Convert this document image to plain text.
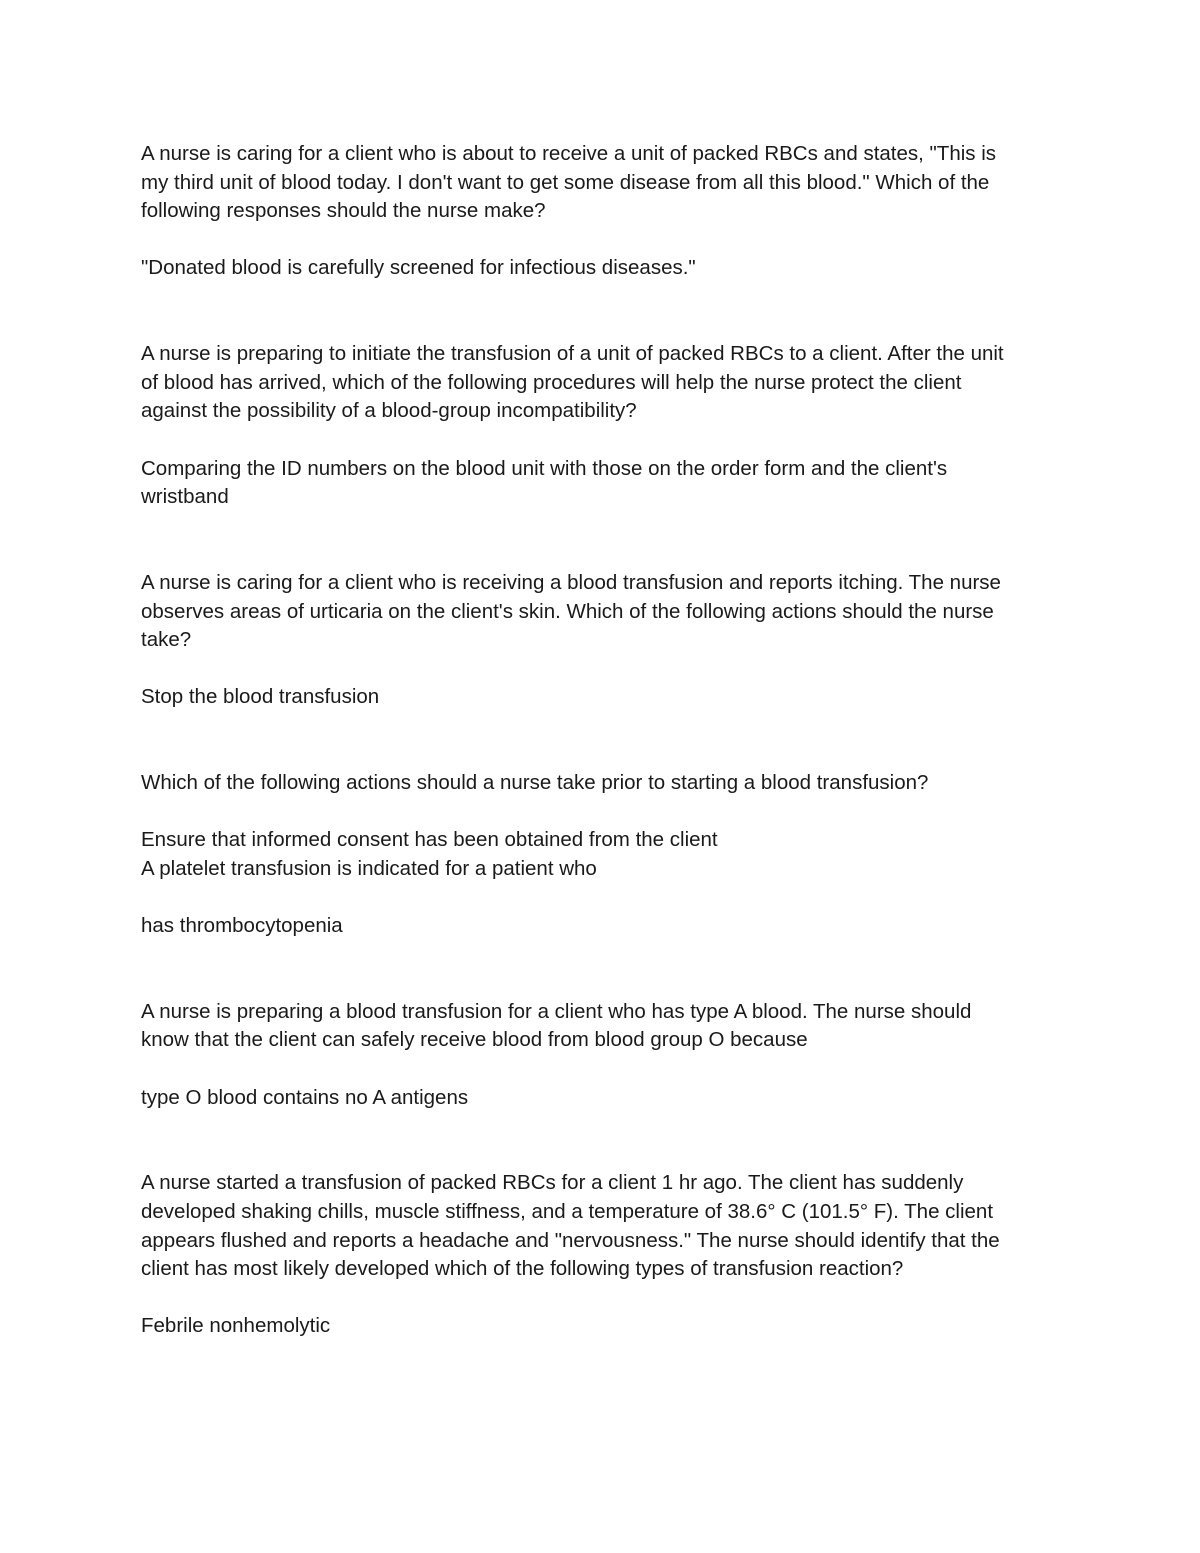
A nurse is caring for a client who is about to receive a unit of packed RBCs and states, "This is
my third unit of blood today. I don't want to get some disease from all this blood." Which of the
following responses should the nurse make?
"Donated blood is carefully screened for infectious diseases."
A nurse is preparing to initiate the transfusion of a unit of packed RBCs to a client. After the unit
of blood has arrived, which of the following procedures will help the nurse protect the client
against the possibility of a blood-group incompatibility?
Comparing the ID numbers on the blood unit with those on the order form and the client's
wristband
A nurse is caring for a client who is receiving a blood transfusion and reports itching. The nurse
observes areas of urticaria on the client's skin. Which of the following actions should the nurse
take?
Stop the blood transfusion
Which of the following actions should a nurse take prior to starting a blood transfusion?
Ensure that informed consent has been obtained from the client
A platelet transfusion is indicated for a patient who
has thrombocytopenia
A nurse is preparing a blood transfusion for a client who has type A blood. The nurse should
know that the client can safely receive blood from blood group O because
type O blood contains no A antigens
A nurse started a transfusion of packed RBCs for a client 1 hr ago. The client has suddenly
developed shaking chills, muscle stiffness, and a temperature of 38.6° C (101.5° F). The client
appears flushed and reports a headache and "nervousness." The nurse should identify that the
client has most likely developed which of the following types of transfusion reaction?
Febrile nonhemolytic
